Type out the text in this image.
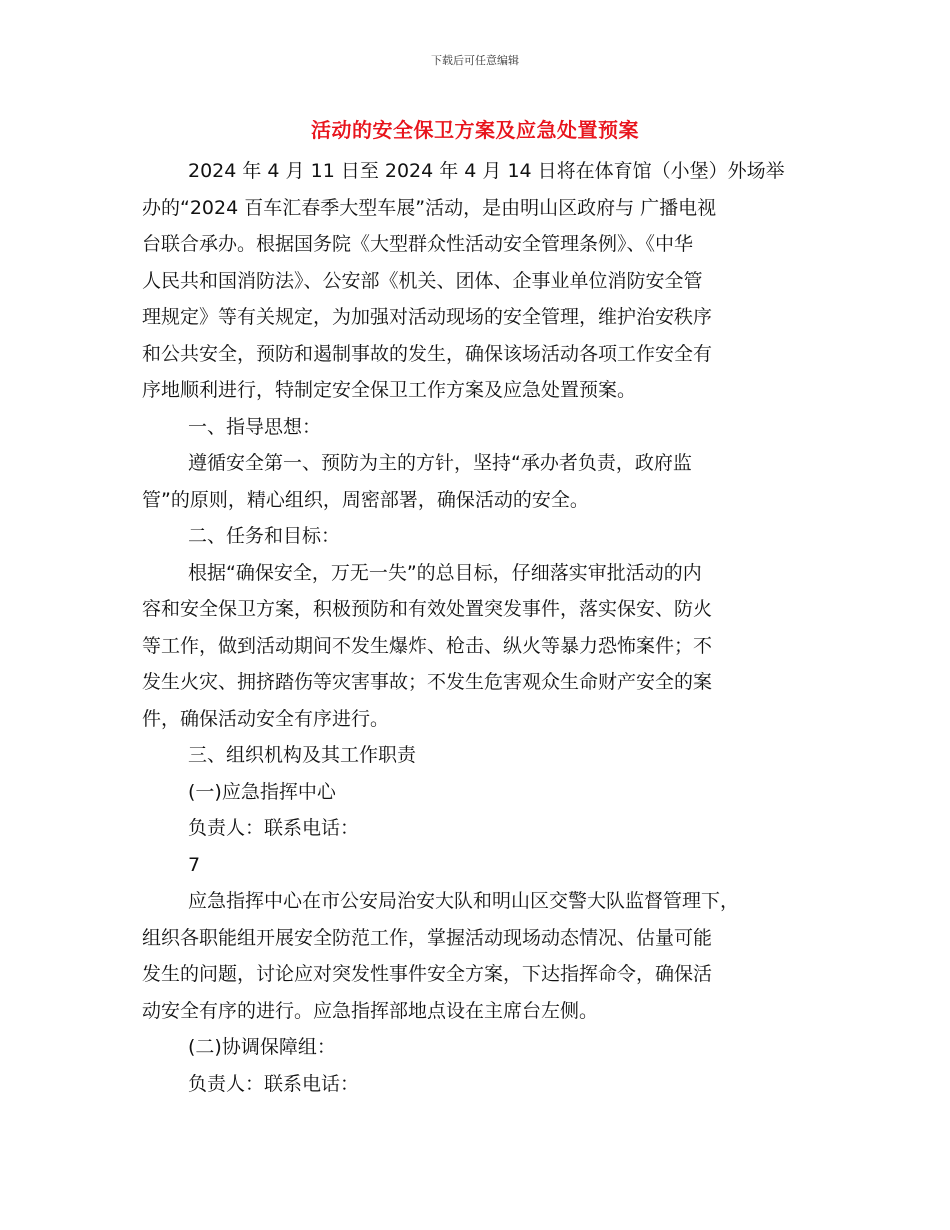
下载后可任意编辑
活动的安全保卫方案及应急处置预案
2024 年 4 月 11 日至 2024 年 4 月 14 日将在体育馆（小堡）外场举
办的“2024 百车汇春季大型车展”活动，是由明山区政府与 广播电视
台联合承办。根据国务院《大型群众性活动安全管理条例》、《中华
人民共和国消防法》、公安部《机关、团体、企事业单位消防安全管
理规定》等有关规定，为加强对活动现场的安全管理，维护治安秩序
和公共安全，预防和遏制事故的发生，确保该场活动各项工作安全有
序地顺利进行，特制定安全保卫工作方案及应急处置预案。
一、指导思想：
遵循安全第一、预防为主的方针，坚持“承办者负责，政府监
管”的原则，精心组织，周密部署，确保活动的安全。
二、任务和目标：
根据“确保安全，万无一失”的总目标，仔细落实审批活动的内
容和安全保卫方案，积极预防和有效处置突发事件，落实保安、防火
等工作，做到活动期间不发生爆炸、枪击、纵火等暴力恐怖案件；不
发生火灾、拥挤踏伤等灾害事故；不发生危害观众生命财产安全的案
件，确保活动安全有序进行。
三、组织机构及其工作职责
(一)应急指挥中心
负责人：联系电话：
7
应急指挥中心在市公安局治安大队和明山区交警大队监督管理下，
组织各职能组开展安全防范工作，掌握活动现场动态情况、估量可能
发生的问题，讨论应对突发性事件安全方案，下达指挥命令，确保活
动安全有序的进行。应急指挥部地点设在主席台左侧。
(二)协调保障组：
负责人：联系电话：
